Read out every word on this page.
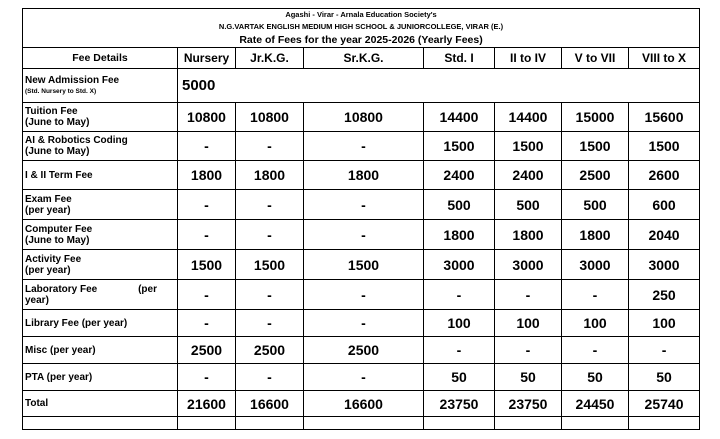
Agashi - Virar - Arnala Education Society's							
N.G.VARTAK ENGLISH MEDIUM HIGH SCHOOL & JUNIORCOLLEGE, VIRAR (E.)							
Rate of Fees for the year 2025-2026 (Yearly Fees)							
Fee Details	Nursery	Jr.K.G.	Sr.K.G.	Std. I	II to IV	V to VII	VIII to X

New Admission Fee
(Std. Nursery to Std. X)	5000						

Tuition Fee
(June to May)	10800	10800	10800	14400	14400	15000	15600

AI & Robotics Coding
(June to May)	-	-	-	1500	1500	1500	1500

I & II Term Fee	1800	1800	1800	2400	2400	2500	2600

Exam Fee
(per year)	-	-	-	500	500	500	600

Computer Fee
(June to May)	-	-	-	1800	1800	1800	2040

Activity Fee
(per year)	1500	1500	1500	3000	3000	3000	3000

(per
Laboratory Fee
year)	-	-	-	-	-	-	250

Library Fee (per year)	-	-	-	100	100	100	100

Misc (per year)	2500	2500	2500	-	-	-	-

PTA (per year)	-	-	-	50	50	50	50

Total	21600	16600	16600	23750	23750	24450	25740
